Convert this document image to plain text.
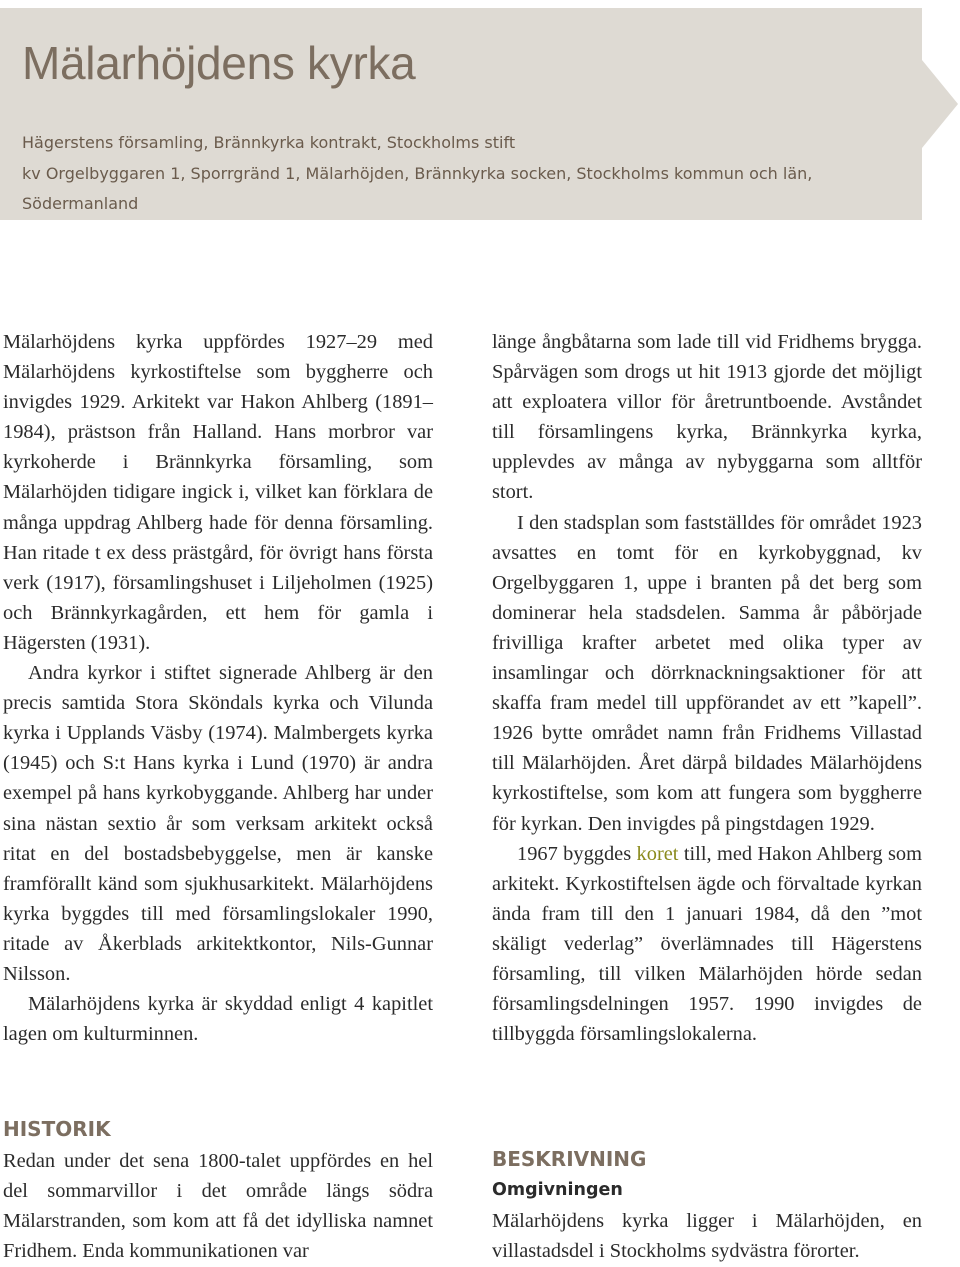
Mälarhöjdens kyrka
Hägerstens församling, Brännkyrka kontrakt, Stockholms stift
kv Orgelbyggaren 1, Sporrgränd 1, Mälarhöjden, Brännkyrka socken, Stockholms kommun och län,
Södermanland

Mälarhöjdens kyrka uppfördes 1927–29 med Mälarhöjdens kyrkostiftelse som byggherre och invigdes 1929. Arkitekt var Hakon Ahlberg (1891–1984), prästson från Halland. Hans morbror var kyrkoherde i Brännkyrka församling, som Mälarhöjden tidigare ingick i, vilket kan förklara de många uppdrag Ahlberg hade för denna församling. Han ritade t ex dess prästgård, för övrigt hans första verk (1917), församlingshuset i Liljeholmen (1925) och Brännkyrkagården, ett hem för gamla i Hägersten (1931).

Andra kyrkor i stiftet signerade Ahlberg är den precis samtida Stora Sköndals kyrka och Vilunda kyrka i Upplands Väsby (1974). Malmbergets kyrka (1945) och S:t Hans kyrka i Lund (1970) är andra exempel på hans kyrkobyggande. Ahlberg har under sina nästan sextio år som verksam arkitekt också ritat en del bostadsbebyggelse, men är kanske framförallt känd som sjukhusarkitekt. Mälarhöjdens kyrka byggdes till med församlingslokaler 1990, ritade av Åkerblads arkitektkontor, Nils-Gunnar Nilsson.

Mälarhöjdens kyrka är skyddad enligt 4 kapitlet lagen om kulturminnen.

HISTORIK

Redan under det sena 1800-talet uppfördes en hel del sommarvillor i det område längs södra Mälarstranden, som kom att få det idylliska namnet Fridhem. Enda kommunikationen var

länge ångbåtarna som lade till vid Fridhems brygga. Spårvägen som drogs ut hit 1913 gjorde det möjligt att exploatera villor för åretruntboende. Avståndet till församlingens kyrka, Brännkyrka kyrka, upplevdes av många av nybyggarna som alltför stort.

I den stadsplan som fastställdes för området 1923 avsattes en tomt för en kyrkobyggnad, kv Orgelbyggaren 1, uppe i branten på det berg som dominerar hela stadsdelen. Samma år påbörjade frivilliga krafter arbetet med olika typer av insamlingar och dörrknackningsaktioner för att skaffa fram medel till uppförandet av ett ”kapell”. 1926 bytte området namn från Fridhems Villastad till Mälarhöjden. Året därpå bildades Mälarhöjdens kyrkostiftelse, som kom att fungera som byggherre för kyrkan. Den invigdes på pingstdagen 1929.

1967 byggdes koret till, med Hakon Ahlberg som arkitekt. Kyrkostiftelsen ägde och förvaltade kyrkan ända fram till den 1 januari 1984, då den ”mot skäligt vederlag” överlämnades till Hägerstens församling, till vilken Mälarhöjden hörde sedan församlingsdelningen 1957. 1990 invigdes de tillbyggda församlingslokalerna.

BESKRIVNING
Omgivningen

Mälarhöjdens kyrka ligger i Mälarhöjden, en villastadsdel i Stockholms sydvästra förorter.
